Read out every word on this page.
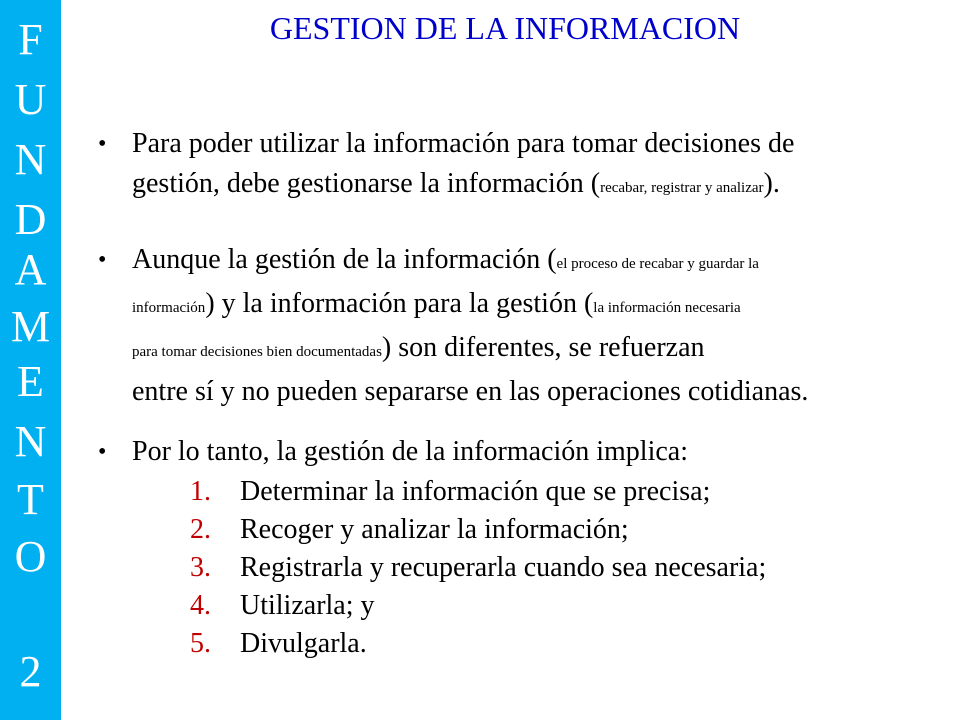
F
U
N
D
A
M
E
N
T
O
2
GESTION DE LA INFORMACION
• Para poder utilizar la información para tomar decisiones de
gestión, debe gestionarse la información (recabar, registrar y analizar).
• Aunque la gestión de la información (el proceso de recabar y guardar la
información) y la información para la gestión (la información necesaria
para tomar decisiones bien documentadas) son diferentes, se refuerzan
entre sí y no pueden separarse en las operaciones cotidianas.
• Por lo tanto, la gestión de la información implica:
1. Determinar la información que se precisa;
2. Recoger y analizar la información;
3. Registrarla y recuperarla cuando sea necesaria;
4. Utilizarla; y
5. Divulgarla.
